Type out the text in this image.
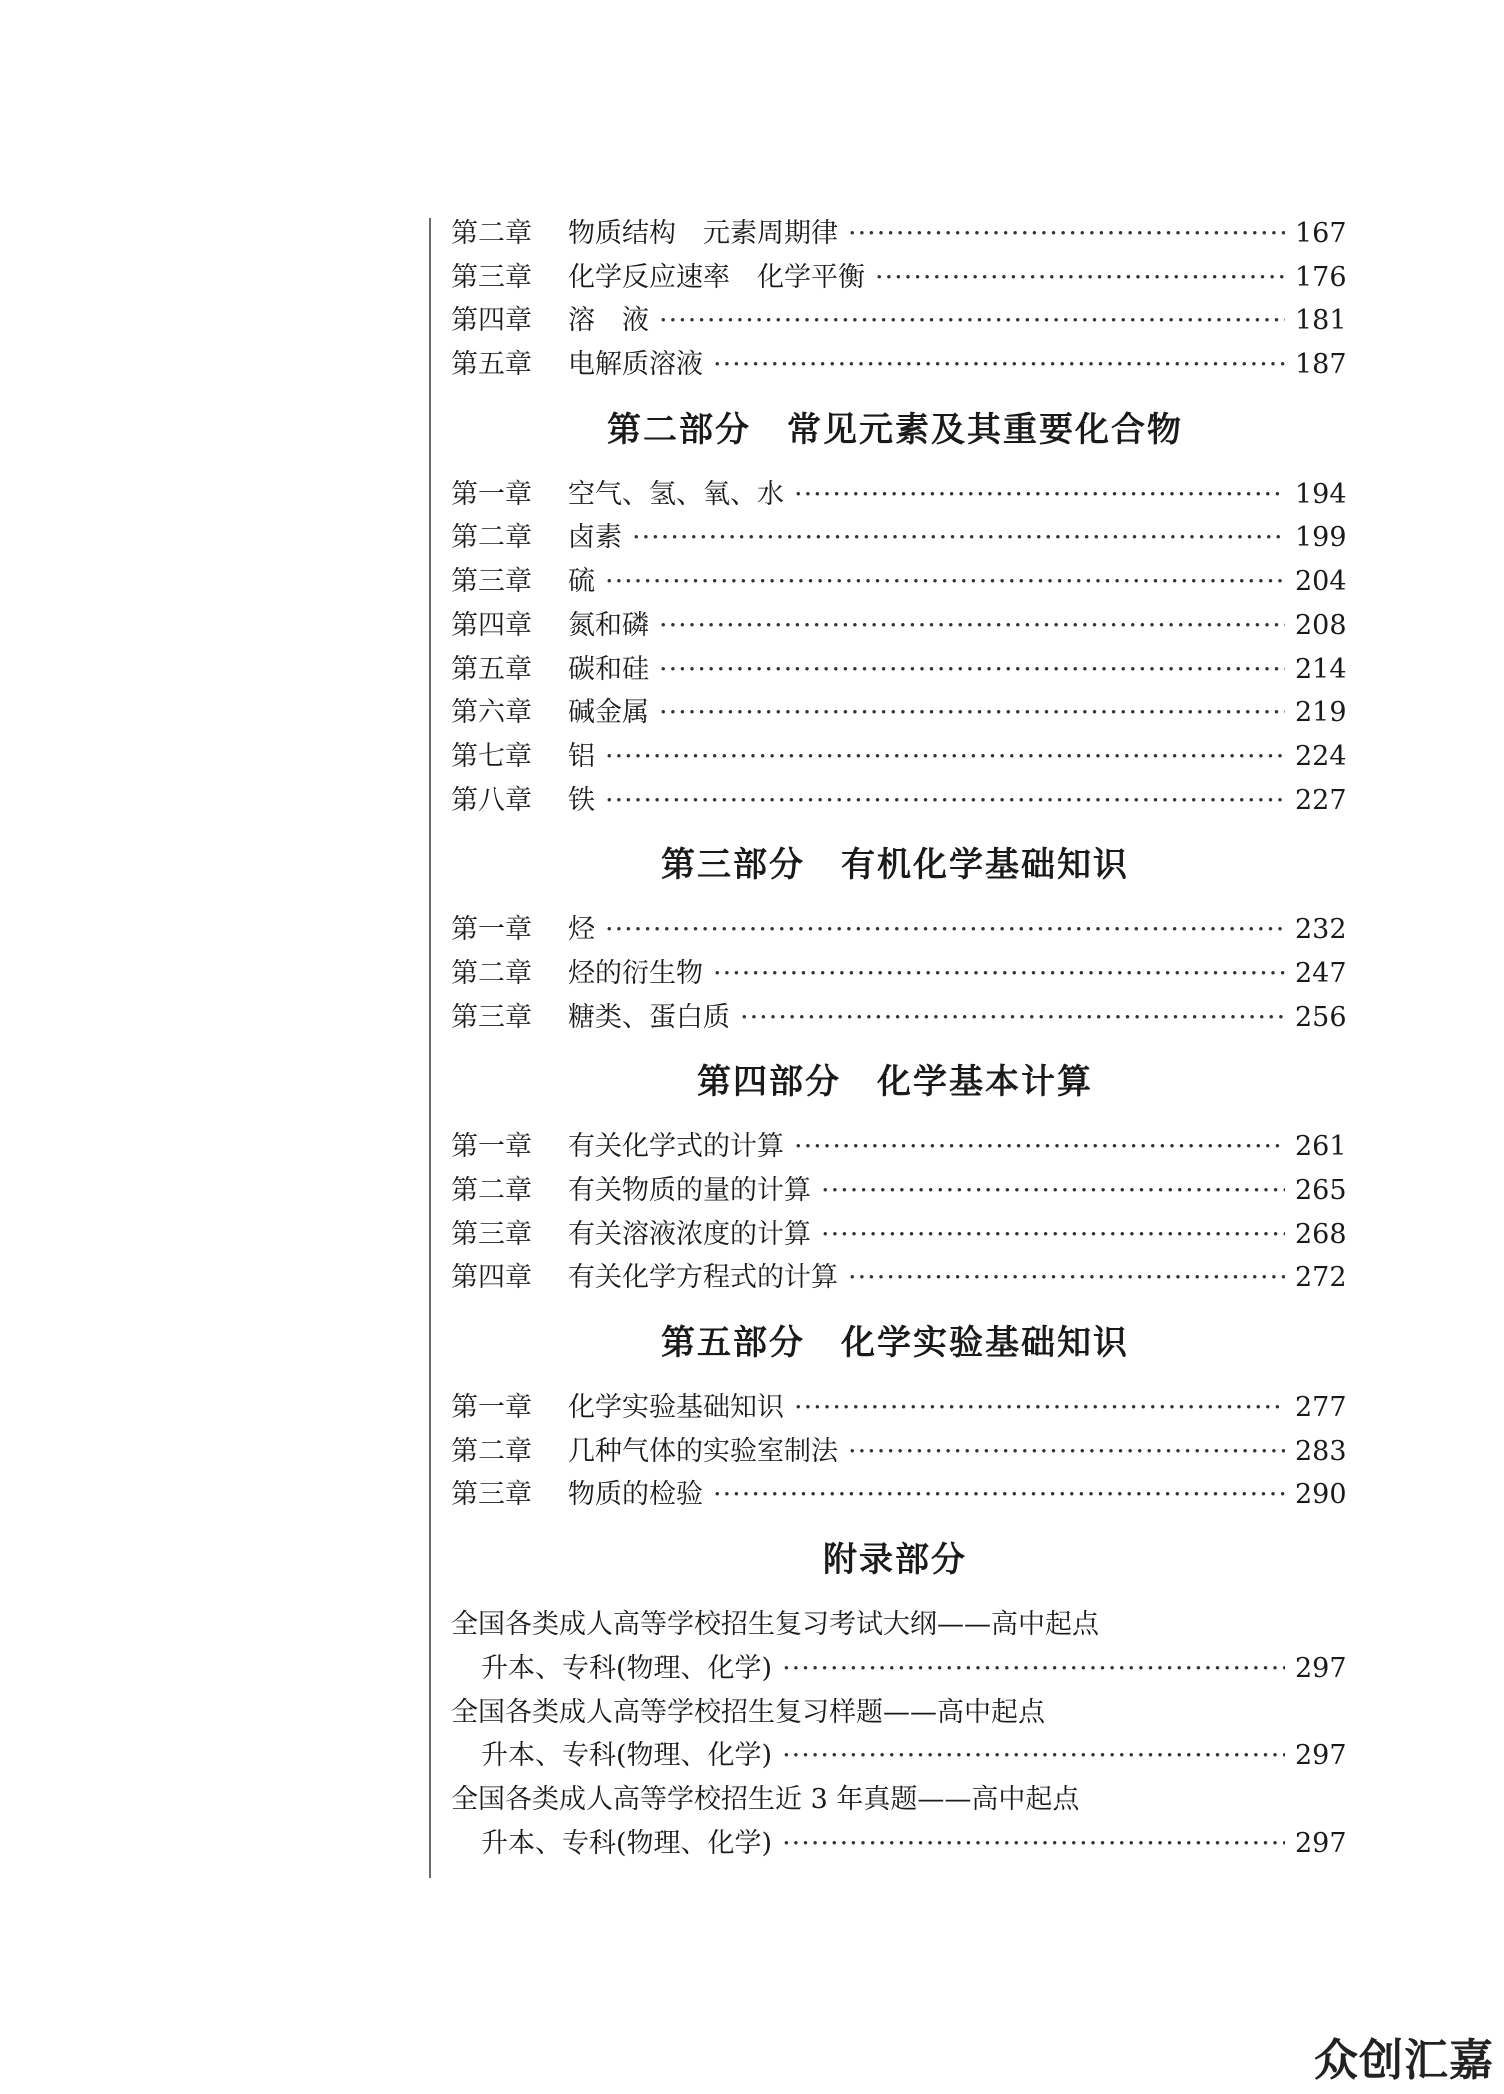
第二章	物质结构　元素周期律 ·····	167
第三章	化学反应速率　化学平衡 ·····	176
第四章	溶　液 ·····	181
第五章	电解质溶液 ·····	187
第二部分　常见元素及其重要化合物
第一章	空气、氢、氧、水 ·····	194
第二章	卤素 ·····	199
第三章	硫 ·····	204
第四章	氮和磷 ·····	208
第五章	碳和硅 ·····	214
第六章	碱金属 ·····	219
第七章	铝 ·····	224
第八章	铁 ·····	227
第三部分　有机化学基础知识
第一章	烃 ·····	232
第二章	烃的衍生物 ·····	247
第三章	糖类、蛋白质 ·····	256
第四部分　化学基本计算
第一章	有关化学式的计算 ·····	261
第二章	有关物质的量的计算 ·····	265
第三章	有关溶液浓度的计算 ·····	268
第四章	有关化学方程式的计算 ·····	272
第五部分　化学实验基础知识
第一章	化学实验基础知识 ·····	277
第二章	几种气体的实验室制法 ·····	283
第三章	物质的检验 ·····	290
附录部分
全国各类成人高等学校招生复习考试大纲——高中起点
升本、专科(物理、化学) ·····	297
全国各类成人高等学校招生复习样题——高中起点
升本、专科(物理、化学) ·····	297
全国各类成人高等学校招生近 3 年真题——高中起点
升本、专科(物理、化学) ·····	297
众创汇嘉
